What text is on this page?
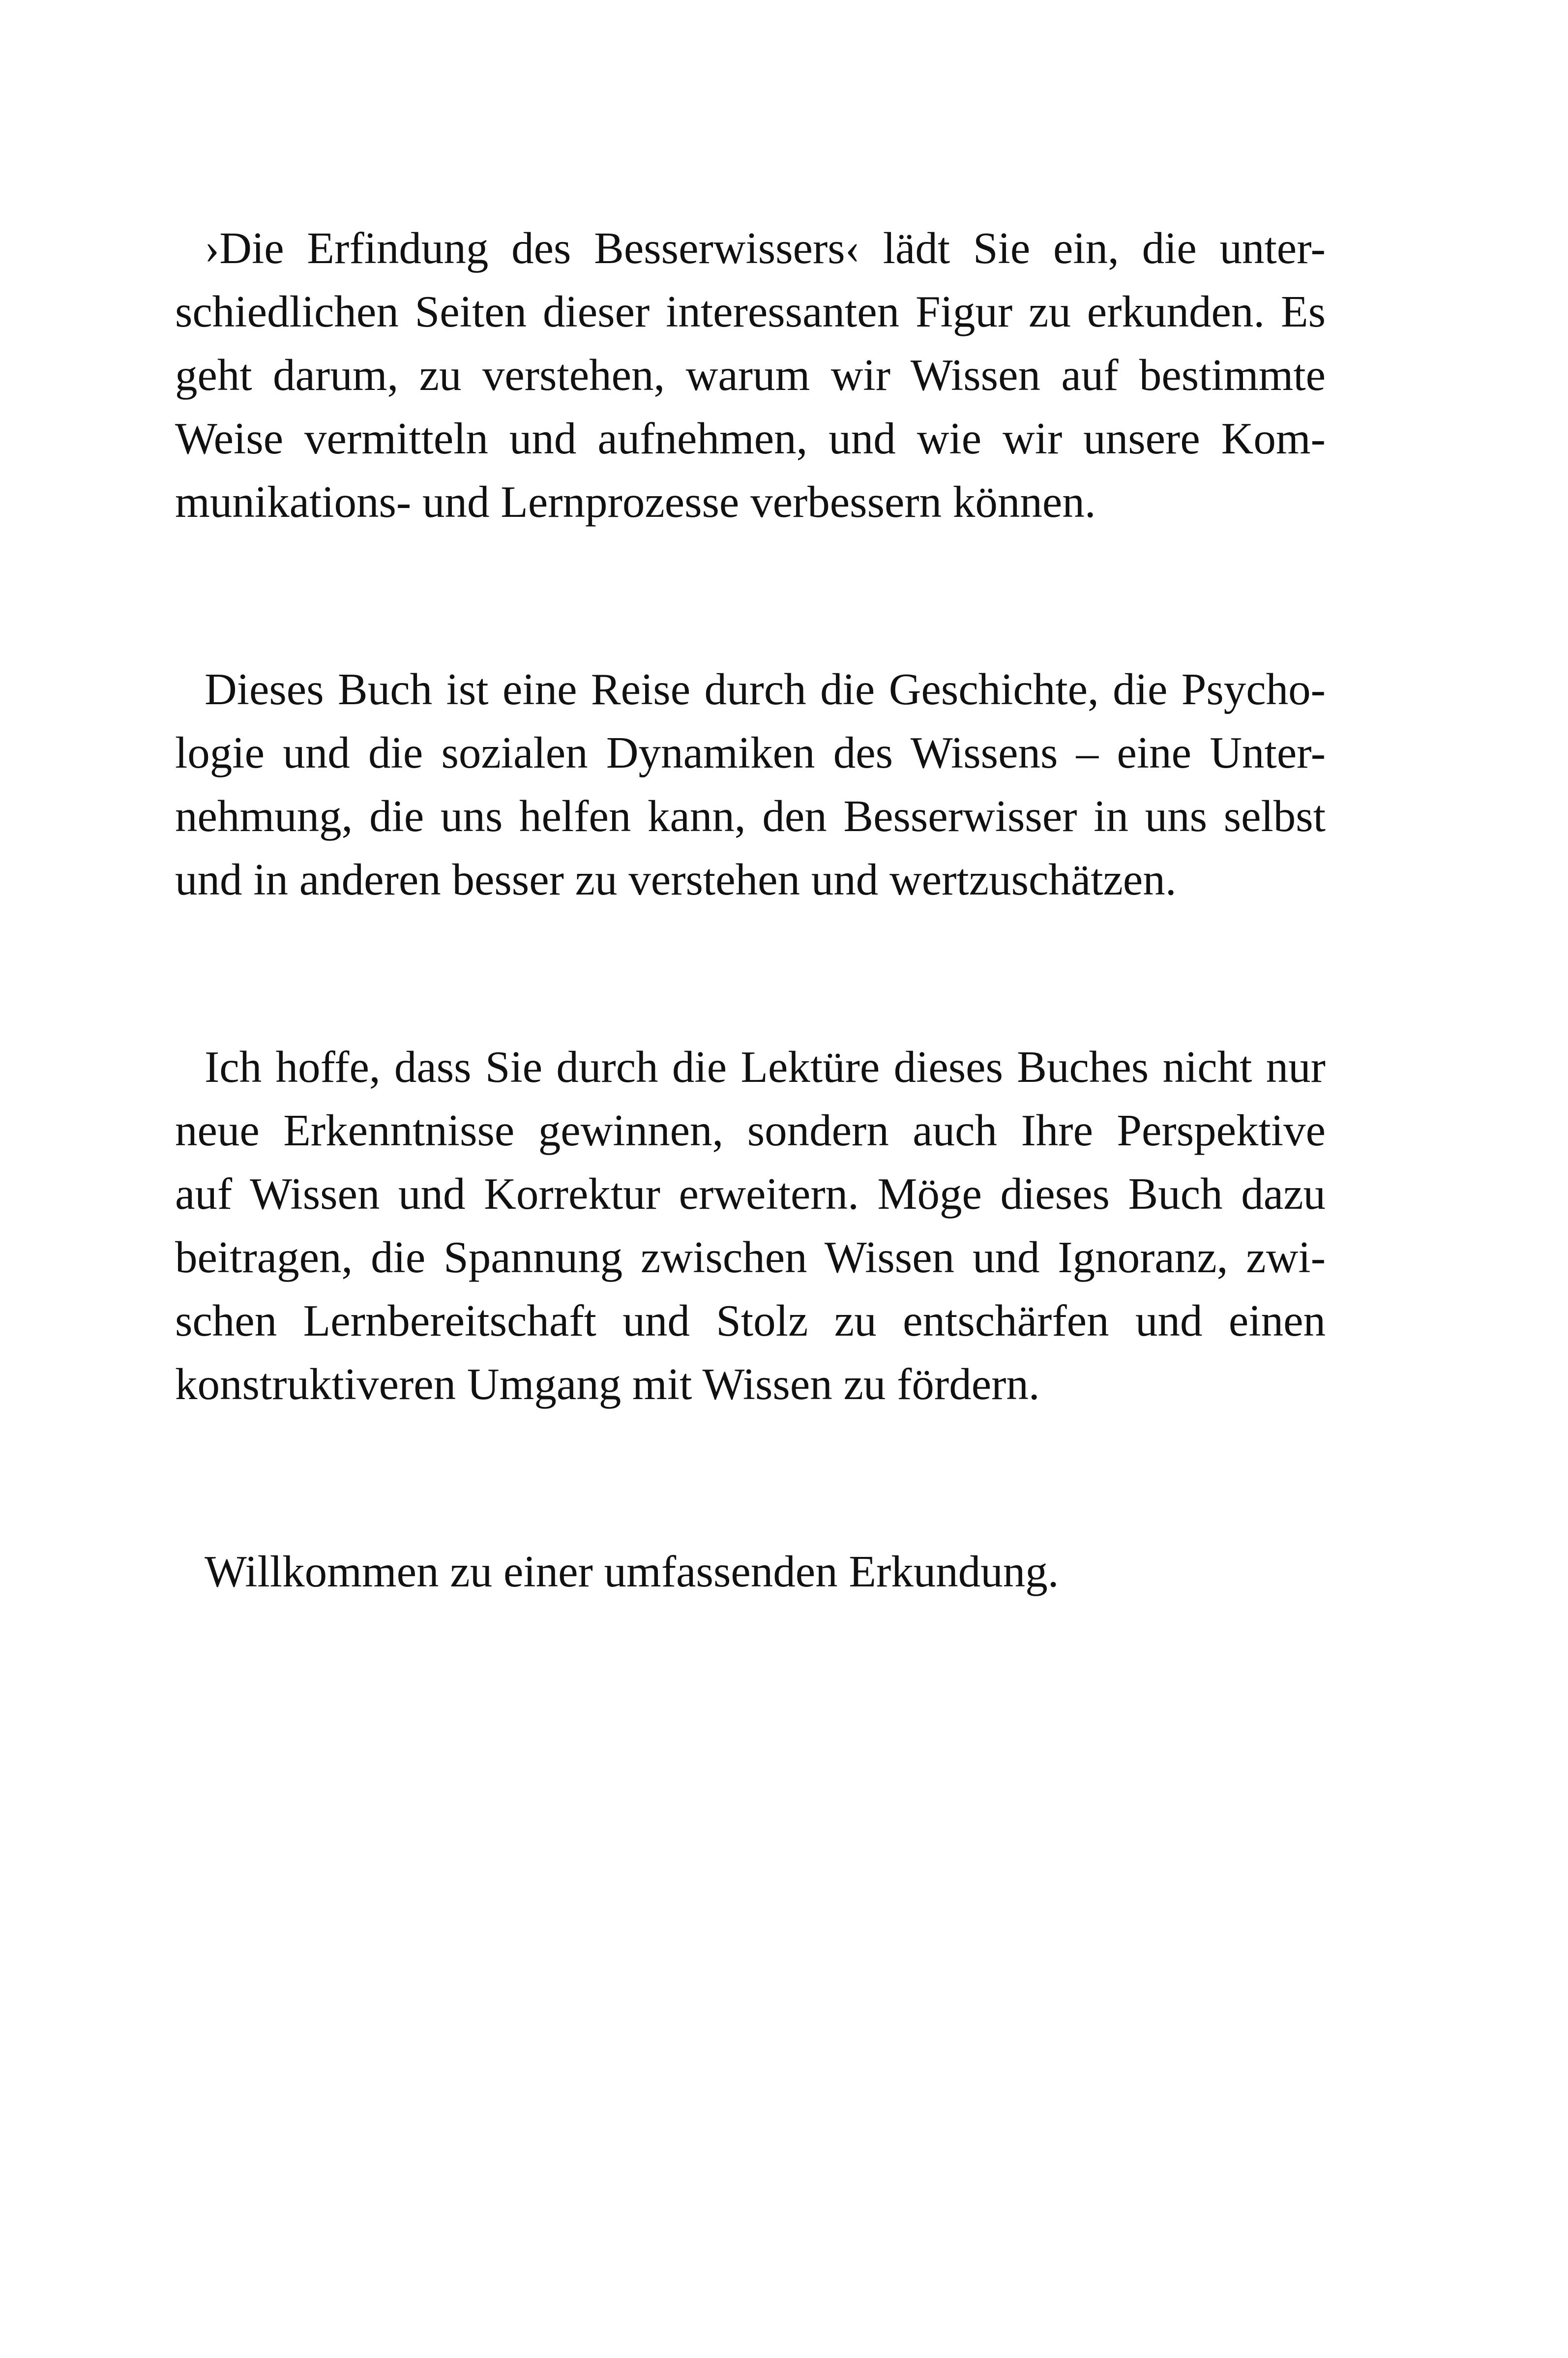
›Die Erfindung des Besserwissers‹ lädt Sie ein, die unter-
schiedlichen Seiten dieser interessanten Figur zu erkunden. Es
geht darum, zu verstehen, warum wir Wissen auf bestimmte
Weise vermitteln und aufnehmen, und wie wir unsere Kom-
munikations- und Lernprozesse verbessern können.
Dieses Buch ist eine Reise durch die Geschichte, die Psycho-
logie und die sozialen Dynamiken des Wissens – eine Unter-
nehmung, die uns helfen kann, den Besserwisser in uns selbst
und in anderen besser zu verstehen und wertzuschätzen.
Ich hoffe, dass Sie durch die Lektüre dieses Buches nicht nur
neue Erkenntnisse gewinnen, sondern auch Ihre Perspektive
auf Wissen und Korrektur erweitern. Möge dieses Buch dazu
beitragen, die Spannung zwischen Wissen und Ignoranz, zwi-
schen Lernbereitschaft und Stolz zu entschärfen und einen
konstruktiveren Umgang mit Wissen zu fördern.
Willkommen zu einer umfassenden Erkundung.
